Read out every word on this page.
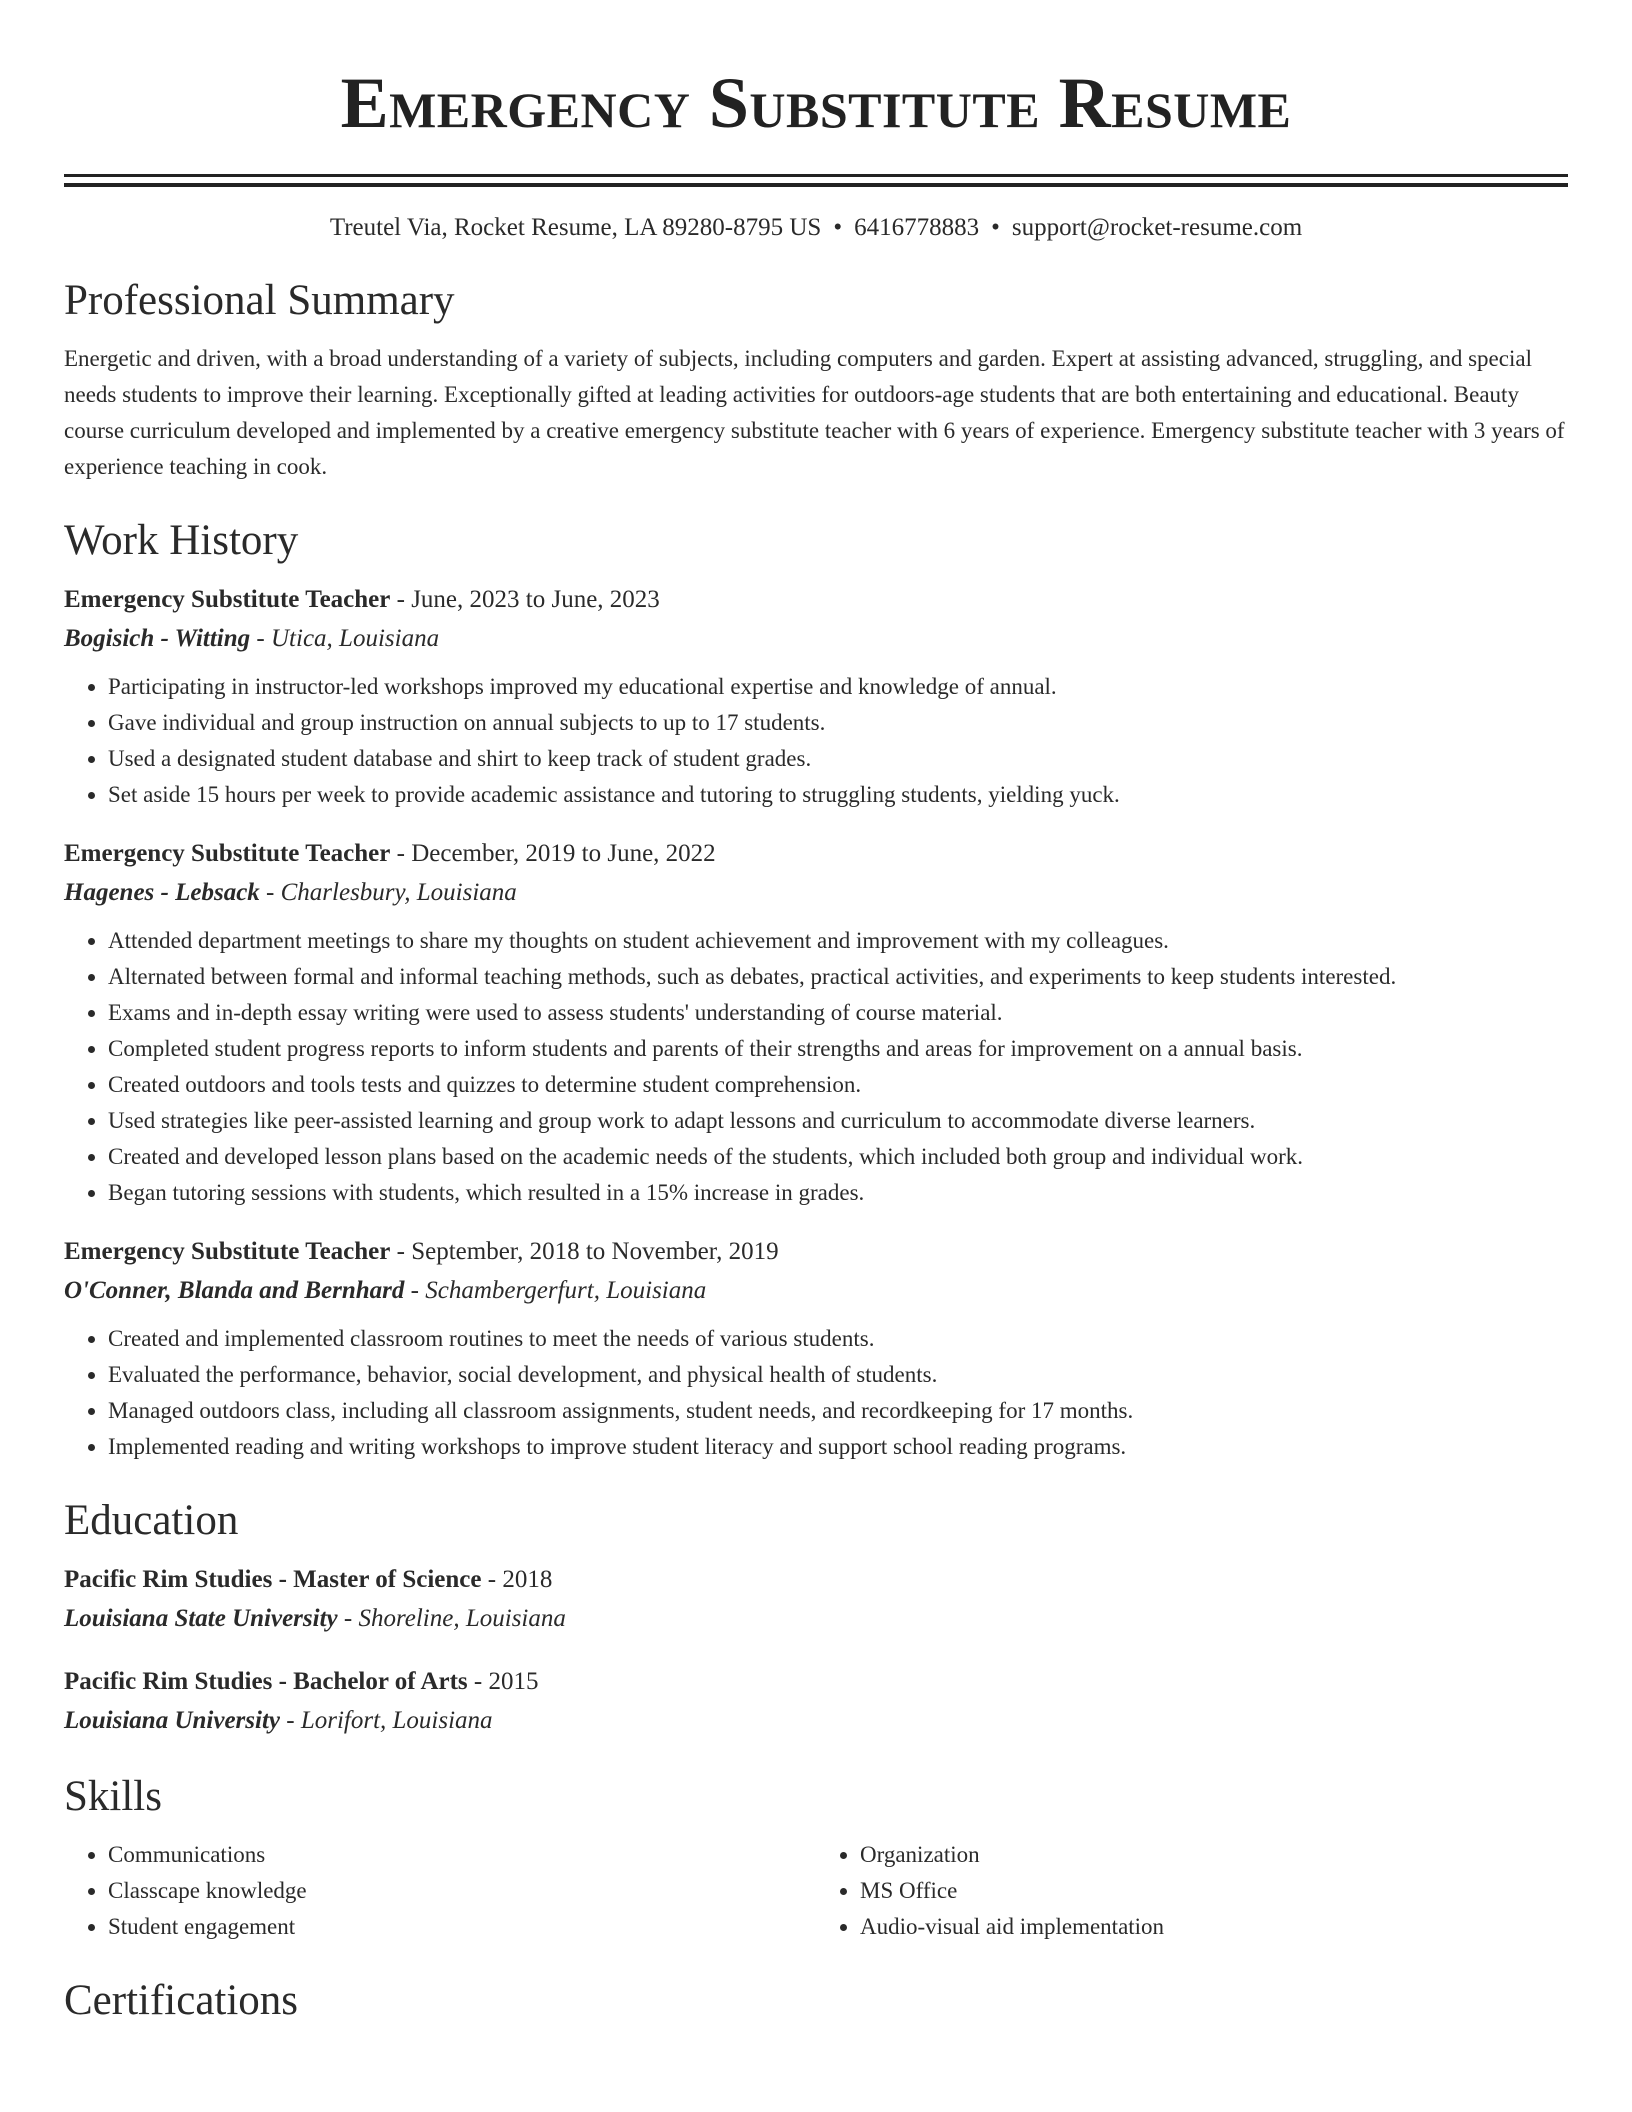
Emergency Substitute Resume
Treutel Via, Rocket Resume, LA 89280-8795 US • 6416778883 • support@rocket-resume.com
Professional Summary

Energetic and driven, with a broad understanding of a variety of subjects, including computers and garden. Expert at assisting advanced, struggling, and special needs students to improve their learning. Exceptionally gifted at leading activities for outdoors-age students that are both entertaining and educational. Beauty course curriculum developed and implemented by a creative emergency substitute teacher with 6 years of experience. Emergency substitute teacher with 3 years of experience teaching in cook.

Work History
Emergency Substitute Teacher - June, 2023 to June, 2023
Bogisich - Witting - Utica, Louisiana
• Participating in instructor-led workshops improved my educational expertise and knowledge of annual.
• Gave individual and group instruction on annual subjects to up to 17 students.
• Used a designated student database and shirt to keep track of student grades.
• Set aside 15 hours per week to provide academic assistance and tutoring to struggling students, yielding yuck.
Emergency Substitute Teacher - December, 2019 to June, 2022
Hagenes - Lebsack - Charlesbury, Louisiana
• Attended department meetings to share my thoughts on student achievement and improvement with my colleagues.
• Alternated between formal and informal teaching methods, such as debates, practical activities, and experiments to keep students interested.
• Exams and in-depth essay writing were used to assess students' understanding of course material.
• Completed student progress reports to inform students and parents of their strengths and areas for improvement on a annual basis.
• Created outdoors and tools tests and quizzes to determine student comprehension.
• Used strategies like peer-assisted learning and group work to adapt lessons and curriculum to accommodate diverse learners.
• Created and developed lesson plans based on the academic needs of the students, which included both group and individual work.
• Began tutoring sessions with students, which resulted in a 15% increase in grades.
Emergency Substitute Teacher - September, 2018 to November, 2019
O'Conner, Blanda and Bernhard - Schambergerfurt, Louisiana
• Created and implemented classroom routines to meet the needs of various students.
• Evaluated the performance, behavior, social development, and physical health of students.
• Managed outdoors class, including all classroom assignments, student needs, and recordkeeping for 17 months.
• Implemented reading and writing workshops to improve student literacy and support school reading programs.
Education
Pacific Rim Studies - Master of Science - 2018
Louisiana State University - Shoreline, Louisiana
Pacific Rim Studies - Bachelor of Arts - 2015
Louisiana University - Lorifort, Louisiana
Skills
• Communications
• Classcape knowledge
• Student engagement
• Organization
• MS Office
• Audio-visual aid implementation
Certifications
